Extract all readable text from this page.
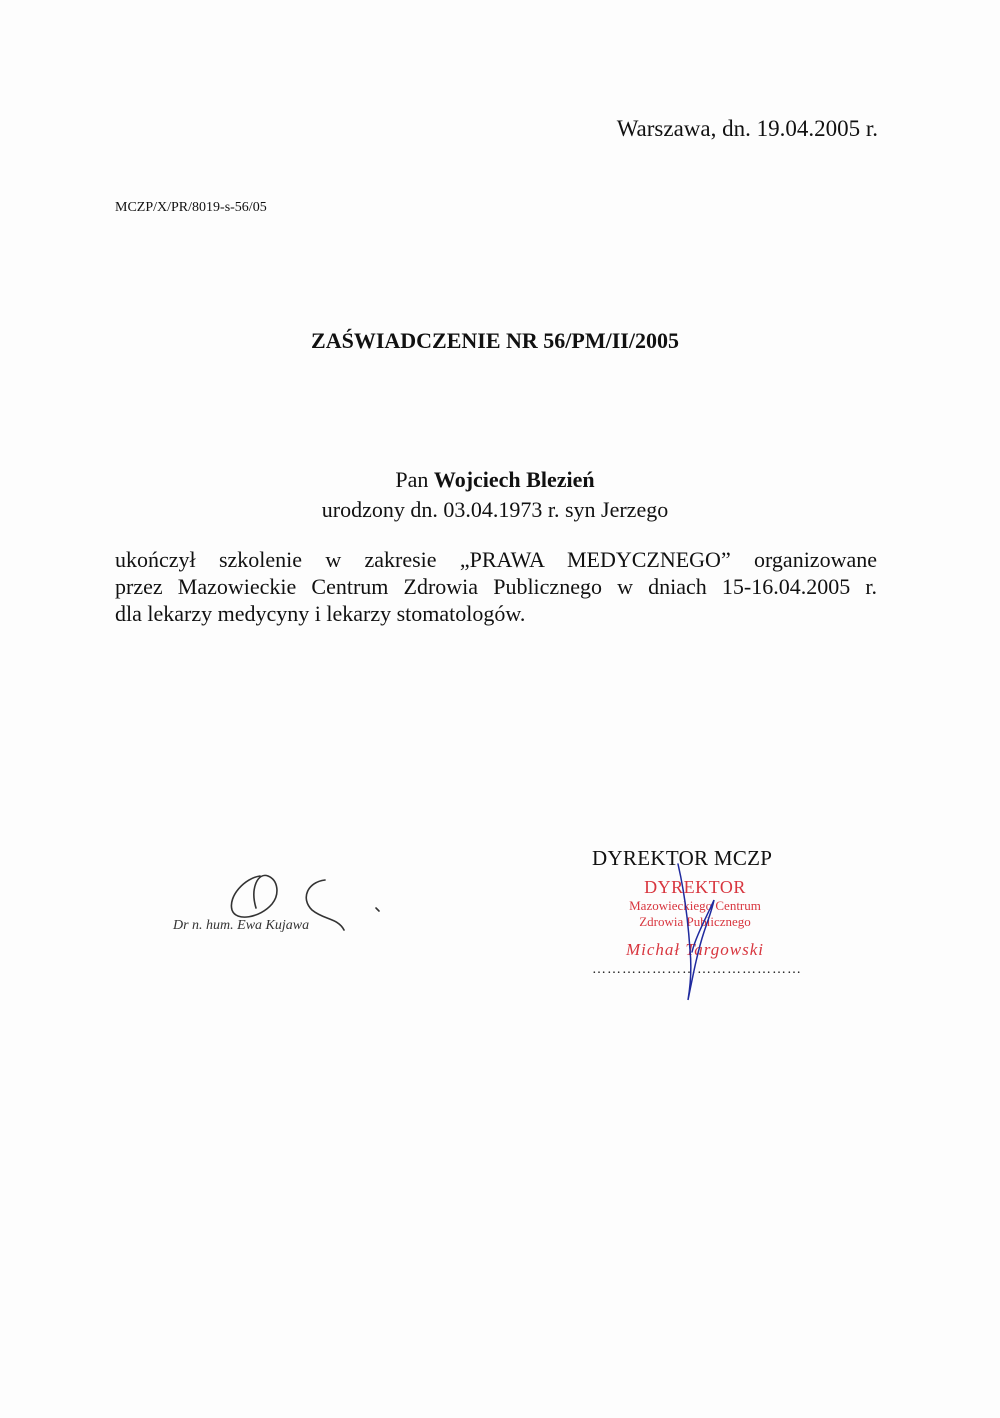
Warszawa, dn. 19.04.2005 r.
MCZP/X/PR/8019-s-56/05
ZAŚWIADCZENIE NR 56/PM/II/2005
Pan Wojciech Blezień
urodzony dn. 03.04.1973 r. syn Jerzego
ukończył szkolenie w zakresie „PRAWA MEDYCZNEGO” organizowane
przez Mazowieckie Centrum Zdrowia Publicznego w dniach 15-16.04.2005 r.
dla lekarzy medycyny i lekarzy stomatologów.
Dr n. hum. Ewa Kujawa
DYREKTOR MCZP
DYREKTOR
Mazowieckiego Centrum
Zdrowia Publicznego
Michał Targowski
……………………………………
